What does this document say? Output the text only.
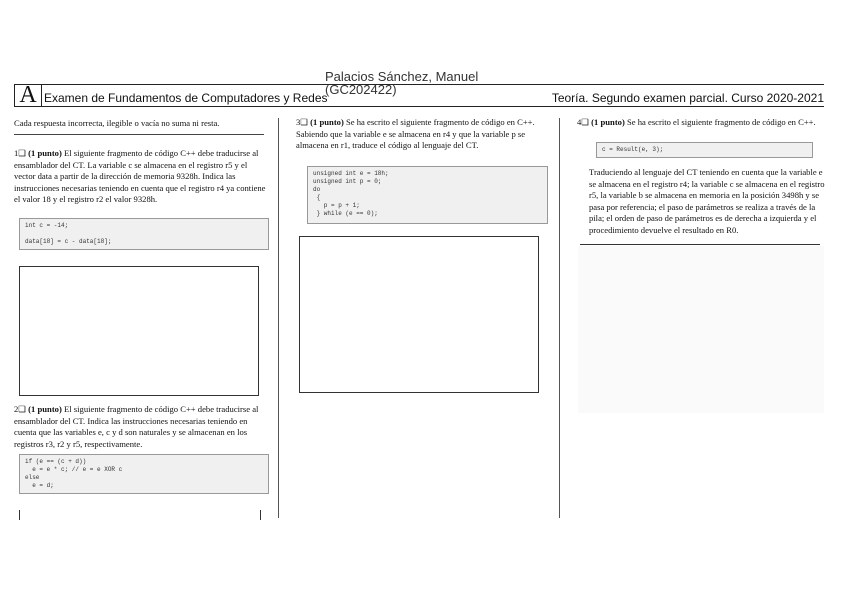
Palacios Sánchez, Manuel (GC202422)
A Examen de Fundamentos de Computadores y Redes	Teoría. Segundo examen parcial. Curso 2020-2021
Cada respuesta incorrecta, ilegible o vacía no suma ni resta.
1❑ (1 punto) El siguiente fragmento de código C++ debe traducirse al ensamblador del CT. La variable c se almacena en el registro r5 y el vector data a partir de la dirección de memoria 9328h. Indica las instrucciones necesarias teniendo en cuenta que el registro r4 ya contiene el valor 18 y el registro r2 el valor 9328h.
int c = -14;

data[18] = c - data[18];
2❑ (1 punto) El siguiente fragmento de código C++ debe traducirse al ensamblador del CT. Indica las instrucciones necesarias teniendo en cuenta que las variables e, c y d son naturales y se almacenan en los registros r3, r2 y r5, respectivamente.
if (e == (c + d))
e = e * c; // e = e XOR c
else
e = d;
3❑ (1 punto) Se ha escrito el siguiente fragmento de código en C++. Sabiendo que la variable e se almacena en r4 y que la variable p se almacena en r1, traduce el código al lenguaje del CT.
unsigned int e = 18h;
unsigned int p = 0;
do
{
p = p + 1;
} while (e == 0);
4❑ (1 punto) Se ha escrito el siguiente fragmento de código en C++.
c = Result(e, 3);
Traduciendo al lenguaje del CT teniendo en cuenta que la variable e se almacena en el registro r4; la variable c se almacena en el registro r5, la variable b se almacena en memoria en la posición 3498h y se pasa por referencia; el paso de parámetros se realiza a través de la pila; el orden de paso de parámetros es de derecha a izquierda y el procedimiento devuelve el resultado en R0.
